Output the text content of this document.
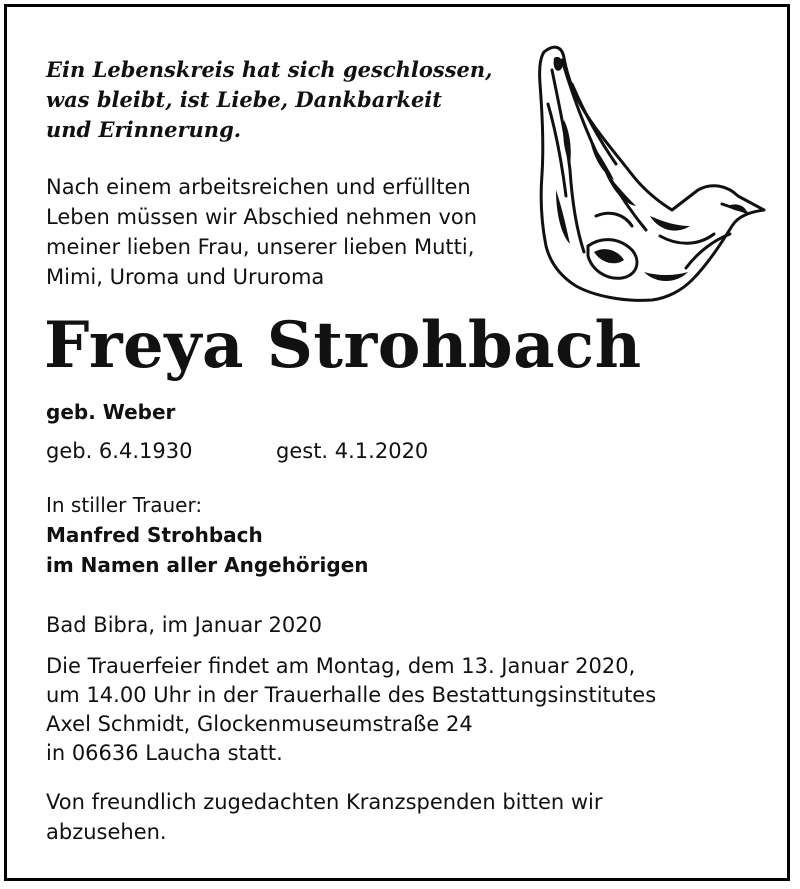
Ein Lebenskreis hat sich geschlossen,
was bleibt, ist Liebe, Dankbarkeit
und Erinnerung.
Nach einem arbeitsreichen und erfüllten
Leben müssen wir Abschied nehmen von
meiner lieben Frau, unserer lieben Mutti,
Mimi, Uroma und Ururoma
Freya Strohbach
geb. Weber
geb. 6.4.1930	gest. 4.1.2020
In stiller Trauer:
Manfred Strohbach
im Namen aller Angehörigen
Bad Bibra, im Januar 2020
Die Trauerfeier findet am Montag, dem 13. Januar 2020,
um 14.00 Uhr in der Trauerhalle des Bestattungsinstitutes
Axel Schmidt, Glockenmuseumstraße 24
in 06636 Laucha statt.
Von freundlich zugedachten Kranzspenden bitten wir
abzusehen.
